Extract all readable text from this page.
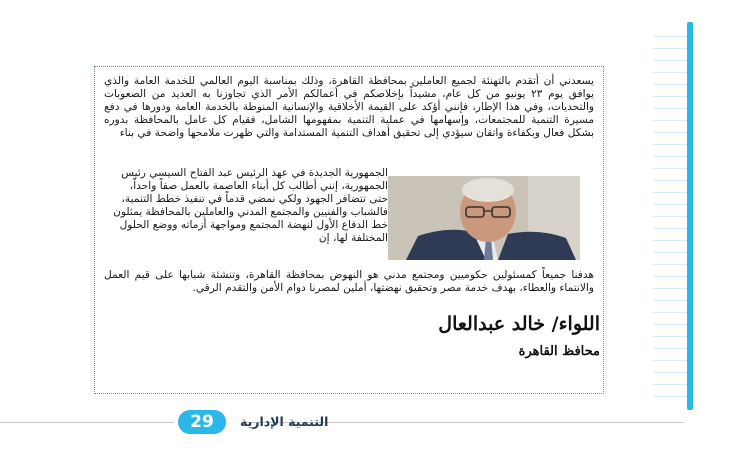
يسعدني أن أتقدم بالتهنئة لجميع العاملين بمحافظة القاهرة، وذلك بمناسبة اليوم العالمي للخدمة العامة والذي يوافق يوم ٢٣ يونيو من كل عام، مشيداً بإخلاصكم في أعمالكم الأمر الذي تجاوزنا به العديد من الصعوبات والتحديات، وفي هذا الإطار، فإنني أؤكد على القيمة الأخلاقية والإنسانية المنوطة بالخدمة العامة ودورها في دفع مسيرة التنمية للمجتمعات، وإسهامها في عملية التنمية بمفهومها الشامل، فقيام كل عامل بالمحافظة بدوره بشكل فعال وبكفاءة واتقان سيؤدي إلى تحقيق أهداف التنمية المستدامة والتي ظهرت ملامحها واضحة في بناء

الجمهورية الجديدة في عهد الرئيس عبد الفتاح السيسي رئيس الجمهورية، إنني أطالب كل أبناء العاصمة بالعمل صفاً واحداً، حتى تتضافر الجهود ولكي نمضي قدماً في تنفيذ خطط التنمية، فالشباب والفنيين والمجتمع المدني والعاملين بالمحافظة يمثلون خط الدفاع الأول لنهضة المجتمع ومواجهة أزماته ووضع الحلول المختلفة لها، إن

هدفنا جميعاً كمسئولين حكوميين ومجتمع مدني هو النهوض بمحافظة القاهرة، وتنشئة شبابها على قيم العمل والانتماء والعطاء، بهدف خدمة مصر وتحقيق نهضتها، أملين لمصرنا دوام الأمن والتقدم الرقي.

اللواء/ خالد عبدالعال
محافظ القاهرة
29	التنمية الإدارية
